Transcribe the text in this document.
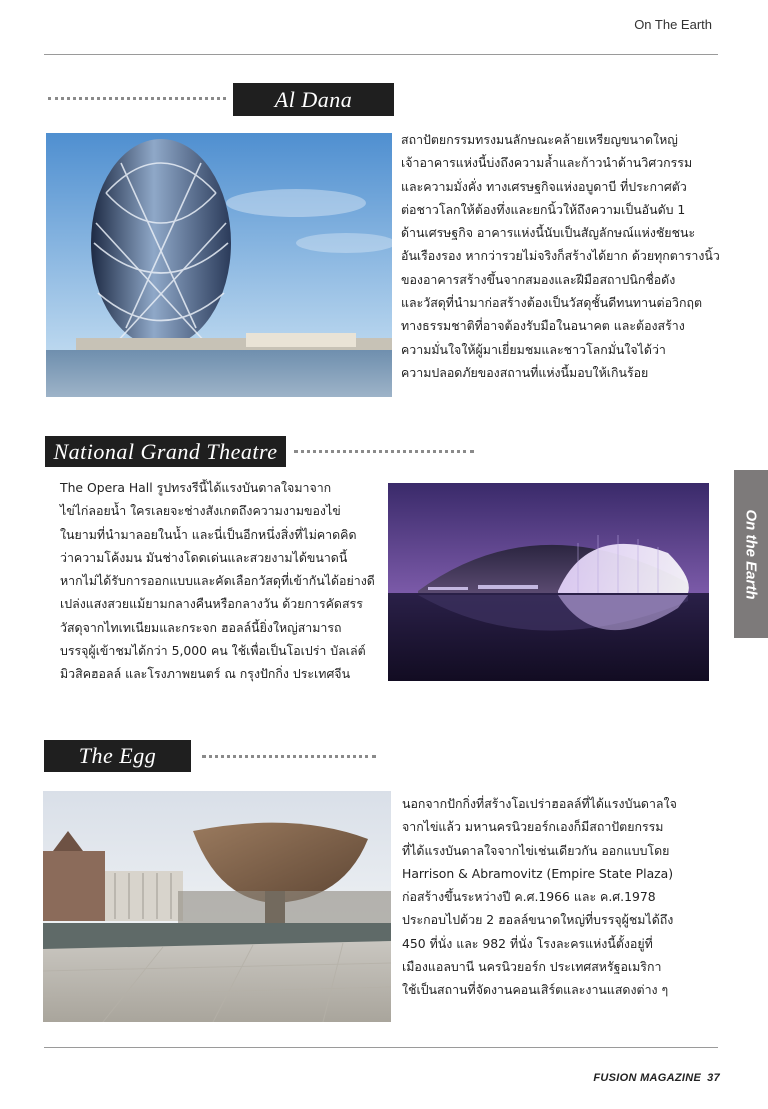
On The Earth
On the Earth
Al Dana
สถาปัตยกรรมทรงมนลักษณะคล้ายเหรียญขนาดใหญ่
เจ้าอาคารแห่งนี้บ่งถึงความล้ำและก้าวนำด้านวิศวกรรม
และความมั่งคั่ง ทางเศรษฐกิจแห่งอบูดาบี ที่ประกาศตัว
ต่อชาวโลกให้ต้องทึ่งและยกนิ้วให้ถึงความเป็นอันดับ 1
ด้านเศรษฐกิจ อาคารแห่งนี้นับเป็นสัญลักษณ์แห่งชัยชนะ
อันเรืองรอง หากว่ารวยไม่จริงก็สร้างได้ยาก ด้วยทุกตารางนิ้ว
ของอาคารสร้างขึ้นจากสมองและฝีมือสถาปนิกชื่อดัง
และวัสดุที่นำมาก่อสร้างต้องเป็นวัสดุชั้นดีทนทานต่อวิกฤต
ทางธรรมชาติที่อาจต้องรับมือในอนาคต และต้องสร้าง
ความมั่นใจให้ผู้มาเยี่ยมชมและชาวโลกมั่นใจได้ว่า
ความปลอดภัยของสถานที่แห่งนี้มอบให้เกินร้อย
National Grand Theatre
The Opera Hall รูปทรงรีนี้ได้แรงบันดาลใจมาจาก
ไข่ไก่ลอยน้ำ ใครเลยจะช่างสังเกตถึงความงามของไข่
ในยามที่นำมาลอยในน้ำ และนี่เป็นอีกหนึ่งสิ่งที่ไม่คาดคิด
ว่าความโค้งมน มันช่างโดดเด่นและสวยงามได้ขนาดนี้
หากไม่ได้รับการออกแบบและคัดเลือกวัสดุที่เข้ากันได้อย่างดี
เปล่งแสงสวยแม้ยามกลางคืนหรือกลางวัน ด้วยการคัดสรร
วัสดุจากไทเทเนียมและกระจก ฮอลล์นี้ยิ่งใหญ่สามารถ
บรรจุผู้เข้าชมได้กว่า 5,000 คน ใช้เพื่อเป็นโอเปร่า บัลเล่ต์
มิวสิคฮอลล์ และโรงภาพยนตร์ ณ กรุงปักกิ่ง ประเทศจีน
The Egg
นอกจากปักกิ่งที่สร้างโอเปร่าฮอลล์ที่ได้แรงบันดาลใจ
จากไข่แล้ว มหานครนิวยอร์กเองก็มีสถาปัตยกรรม
ที่ได้แรงบันดาลใจจากไข่เช่นเดียวกัน ออกแบบโดย
Harrison & Abramovitz (Empire State Plaza)
ก่อสร้างขึ้นระหว่างปี ค.ศ.1966 และ ค.ศ.1978
ประกอบไปด้วย 2 ฮอลล์ขนาดใหญ่ที่บรรจุผู้ชมได้ถึง
450 ที่นั่ง และ 982 ที่นั่ง โรงละครแห่งนี้ตั้งอยู่ที่
เมืองแอลบานี นครนิวยอร์ก ประเทศสหรัฐอเมริกา
ใช้เป็นสถานที่จัดงานคอนเสิร์ตและงานแสดงต่าง ๆ
FUSION MAGAZINE 37
